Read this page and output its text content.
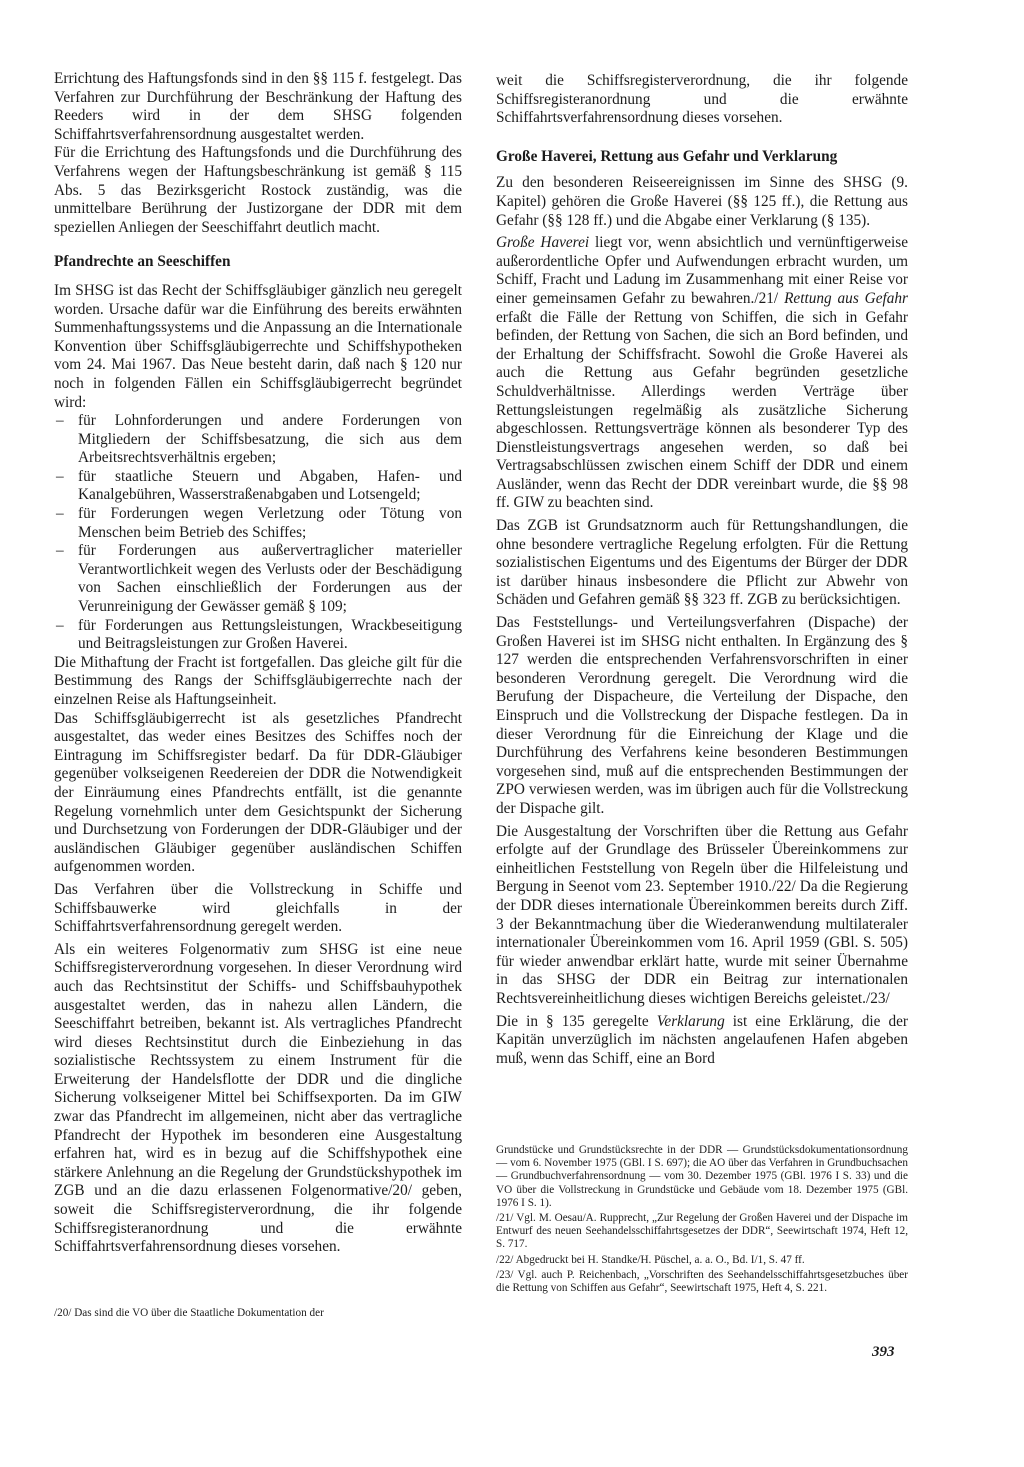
Errichtung des Haftungsfonds sind in den §§ 115 f. festgelegt. Das Verfahren zur Durchführung der Beschränkung der Haftung des Reeders wird in der dem SHSG folgenden Schiffahrtsverfahrensordnung ausgestaltet werden.

Für die Errichtung des Haftungsfonds und die Durchführung des Verfahrens wegen der Haftungsbeschränkung ist gemäß § 115 Abs. 5 das Bezirksgericht Rostock zuständig, was die unmittelbare Berührung der Justizorgane der DDR mit dem speziellen Anliegen der Seeschiffahrt deutlich macht.

Pfandrechte an Seeschiffen

Im SHSG ist das Recht der Schiffsgläubiger gänzlich neu geregelt worden. Ursache dafür war die Einführung des bereits erwähnten Summenhaftungssystems und die Anpassung an die Internationale Konvention über Schiffsgläubigerrechte und Schiffshypotheken vom 24. Mai 1967. Das Neue besteht darin, daß nach § 120 nur noch in folgenden Fällen ein Schiffsgläubigerrecht begründet wird:

– für Lohnforderungen und andere Forderungen von Mitgliedern der Schiffsbesatzung, die sich aus dem Arbeitsrechtsverhältnis ergeben;
– für staatliche Steuern und Abgaben, Hafen- und Kanalgebühren, Wasserstraßenabgaben und Lotsengeld;
– für Forderungen wegen Verletzung oder Tötung von Menschen beim Betrieb des Schiffes;
– für Forderungen aus außervertraglicher materieller Verantwortlichkeit wegen des Verlusts oder der Beschädigung von Sachen einschließlich der Forderungen aus der Verunreinigung der Gewässer gemäß § 109;
– für Forderungen aus Rettungsleistungen, Wrackbeseitigung und Beitragsleistungen zur Großen Haverei.

Die Mithaftung der Fracht ist fortgefallen. Das gleiche gilt für die Bestimmung des Rangs der Schiffsgläubigerrechte nach der einzelnen Reise als Haftungseinheit.

Das Schiffsgläubigerrecht ist als gesetzliches Pfandrecht ausgestaltet, das weder eines Besitzes des Schiffes noch der Eintragung im Schiffsregister bedarf. Da für DDR-Gläubiger gegenüber volkseigenen Reedereien der DDR die Notwendigkeit der Einräumung eines Pfandrechts entfällt, ist die genannte Regelung vornehmlich unter dem Gesichtspunkt der Sicherung und Durchsetzung von Forderungen der DDR-Gläubiger und der ausländischen Gläubiger gegenüber ausländischen Schiffen aufgenommen worden.

Das Verfahren über die Vollstreckung in Schiffe und Schiffsbauwerke wird gleichfalls in der Schiffahrtsverfahrensordnung geregelt werden.

Als ein weiteres Folgenormativ zum SHSG ist eine neue Schiffsregisterverordnung vorgesehen. In dieser Verordnung wird auch das Rechtsinstitut der Schiffs- und Schiffsbauhypothek ausgestaltet werden, das in nahezu allen Ländern, die Seeschiffahrt betreiben, bekannt ist. Als vertragliches Pfandrecht wird dieses Rechtsinstitut durch die Einbeziehung in das sozialistische Rechtssystem zu einem Instrument für die Erweiterung der Handelsflotte der DDR und die dingliche Sicherung volkseigener Mittel bei Schiffsexporten. Da im GIW zwar das Pfandrecht im allgemeinen, nicht aber das vertragliche Pfandrecht der Hypothek im besonderen eine Ausgestaltung erfahren hat, wird es in bezug auf die Schiffshypothek eine stärkere Anlehnung an die Regelung der Grundstückshypothek im ZGB und an die dazu erlassenen Folgenormative/20/ geben, soweit die Schiffsregisterverordnung, die ihr folgende Schiffsregisteranordnung und die erwähnte Schiffahrtsverfahrensordnung dieses vorsehen.

/20/ Das sind die VO über die Staatliche Dokumentation der

weit die Schiffsregisterverordnung, die ihr folgende Schiffsregisteranordnung und die erwähnte Schiffahrtsverfahrensordnung dieses vorsehen.

Große Haverei, Rettung aus Gefahr und Verklarung

Zu den besonderen Reiseereignissen im Sinne des SHSG (9. Kapitel) gehören die Große Haverei (§§ 125 ff.), die Rettung aus Gefahr (§§ 128 ff.) und die Abgabe einer Verklarung (§ 135).

Große Haverei liegt vor, wenn absichtlich und vernünftigerweise außerordentliche Opfer und Aufwendungen erbracht wurden, um Schiff, Fracht und Ladung im Zusammenhang mit einer Reise vor einer gemeinsamen Gefahr zu bewahren./21/ Rettung aus Gefahr erfaßt die Fälle der Rettung von Schiffen, die sich in Gefahr befinden, der Rettung von Sachen, die sich an Bord befinden, und der Erhaltung der Schiffsfracht. Sowohl die Große Haverei als auch die Rettung aus Gefahr begründen gesetzliche Schuldverhältnisse. Allerdings werden Verträge über Rettungsleistungen regelmäßig als zusätzliche Sicherung abgeschlossen. Rettungsverträge können als besonderer Typ des Dienstleistungsvertrags angesehen werden, so daß bei Vertragsabschlüssen zwischen einem Schiff der DDR und einem Ausländer, wenn das Recht der DDR vereinbart wurde, die §§ 98 ff. GIW zu beachten sind.

Das ZGB ist Grundsatznorm auch für Rettungshandlungen, die ohne besondere vertragliche Regelung erfolgten. Für die Rettung sozialistischen Eigentums und des Eigentums der Bürger der DDR ist darüber hinaus insbesondere die Pflicht zur Abwehr von Schäden und Gefahren gemäß §§ 323 ff. ZGB zu berücksichtigen.

Das Feststellungs- und Verteilungsverfahren (Dispache) der Großen Haverei ist im SHSG nicht enthalten. In Ergänzung des § 127 werden die entsprechenden Verfahrensvorschriften in einer besonderen Verordnung geregelt. Die Verordnung wird die Berufung der Dispacheure, die Verteilung der Dispache, den Einspruch und die Vollstreckung der Dispache festlegen. Da in dieser Verordnung für die Einreichung der Klage und die Durchführung des Verfahrens keine besonderen Bestimmungen vorgesehen sind, muß auf die entsprechenden Bestimmungen der ZPO verwiesen werden, was im übrigen auch für die Vollstreckung der Dispache gilt.

Die Ausgestaltung der Vorschriften über die Rettung aus Gefahr erfolgte auf der Grundlage des Brüsseler Übereinkommens zur einheitlichen Feststellung von Regeln über die Hilfeleistung und Bergung in Seenot vom 23. September 1910./22/ Da die Regierung der DDR dieses internationale Übereinkommen bereits durch Ziff. 3 der Bekanntmachung über die Wiederanwendung multilateraler internationaler Übereinkommen vom 16. April 1959 (GBl. S. 505) für wieder anwendbar erklärt hatte, wurde mit seiner Übernahme in das SHSG der DDR ein Beitrag zur internationalen Rechtsvereinheitlichung dieses wichtigen Bereichs geleistet./23/

Die in § 135 geregelte Verklarung ist eine Erklärung, die der Kapitän unverzüglich im nächsten angelaufenen Hafen abgeben muß, wenn das Schiff, eine an Bord

Grundstücke und Grundstücksrechte in der DDR — Grundstücksdokumentationsordnung — vom 6. November 1975 (GBl. I S. 697); die AO über das Verfahren in Grundbuchsachen — Grundbuchverfahrensordnung — vom 30. Dezember 1975 (GBl. 1976 I S. 33) und die VO über die Vollstreckung in Grundstücke und Gebäude vom 18. Dezember 1975 (GBl. 1976 I S. 1).

/21/ Vgl. M. Oesau/A. Rupprecht, „Zur Regelung der Großen Haverei und der Dispache im Entwurf des neuen Seehandelsschiffahrtsgesetzes der DDR“, Seewirtschaft 1974, Heft 12, S. 717.

/22/ Abgedruckt bei H. Standke/H. Püschel, a. a. O., Bd. I/1, S. 47 ff.

/23/ Vgl. auch P. Reichenbach, „Vorschriften des Seehandelsschiffahrtsgesetzbuches über die Rettung von Schiffen aus Gefahr“, Seewirtschaft 1975, Heft 4, S. 221.

393
